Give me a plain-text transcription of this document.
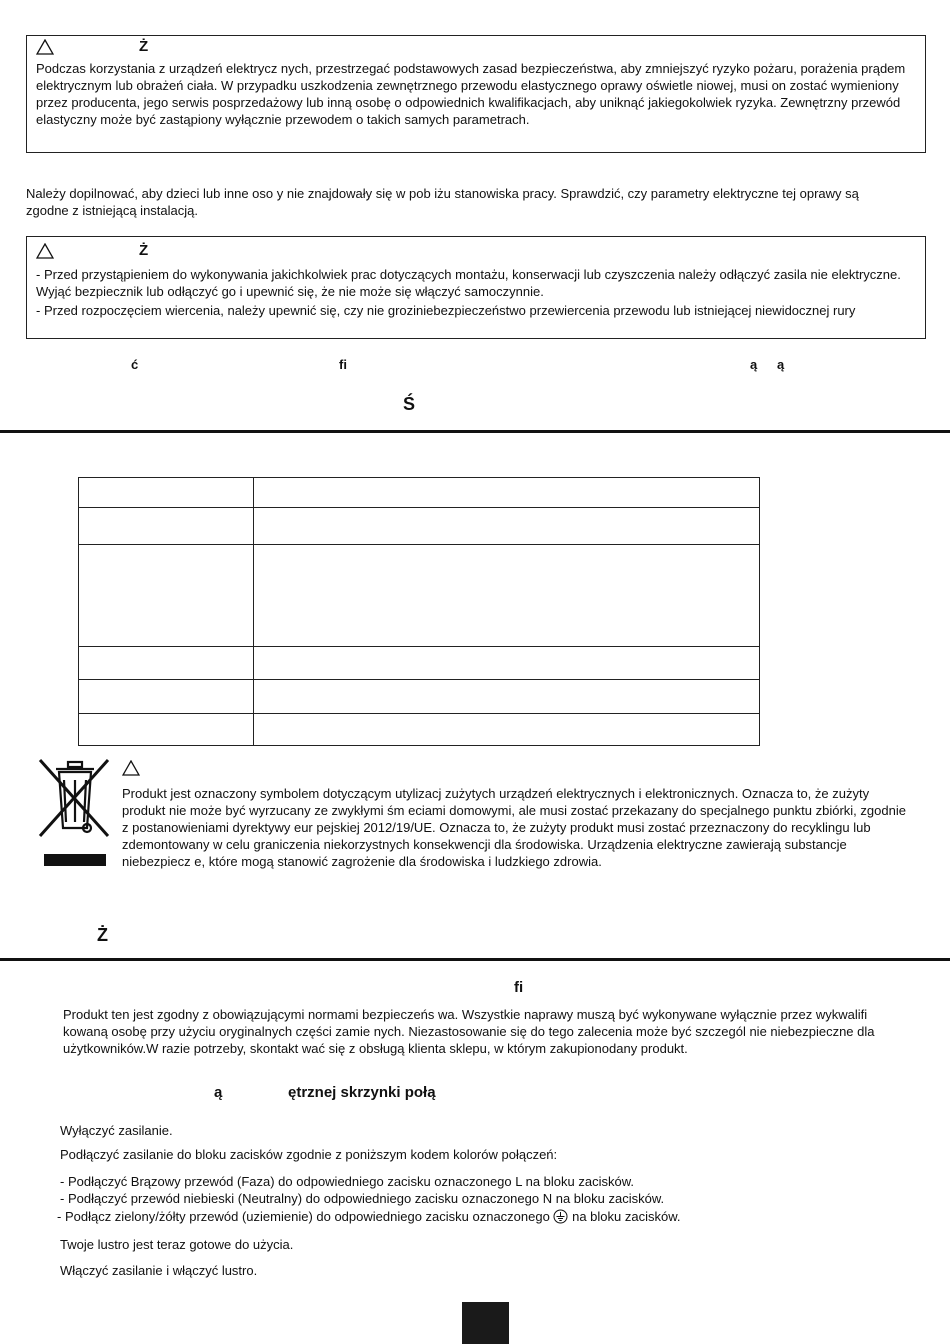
Ż

Podczas korzystania z urządzeń elektrycz nych, przestrzegać podstawowych zasad bezpieczeństwa, aby zmniejszyć ryzyko pożaru, porażenia prądem elektrycznym lub obrażeń ciała. W przypadku uszkodzenia zewnętrznego przewodu elastycznego oprawy oświetle niowej, musi on zostać wymieniony przez producenta, jego serwis posprzedażowy lub inną osobę o odpowiednich kwalifikacjach, aby uniknąć jakiegokolwiek ryzyka. Zewnętrzny przewód elastyczny może być zastąpiony wyłącznie przewodem o takich samych parametrach.

Należy dopilnować, aby dzieci lub inne oso y nie znajdowały się w pob iżu stanowiska pracy. Sprawdzić, czy parametry elektryczne tej oprawy są zgodne z istniejącą instalacją.

Ż

- Przed przystąpieniem do wykonywania jakichkolwiek prac dotyczących montażu, konserwacji lub czyszczenia należy odłączyć zasila nie elektryczne. Wyjąć bezpiecznik lub odłączyć go i upewnić się, że nie może się włączyć samoczynnie.

- Przed rozpoczęciem wiercenia, należy upewnić się, czy nie groziniebezpieczeństwo przewiercenia przewodu lub istniejącej niewidocznej rury

ć	fi	ą ą
Ś

Produkt jest oznaczony symbolem dotyczącym utylizacj zużytych urządzeń elektrycznych i elektronicznych. Oznacza to, że zużyty produkt nie może być wyrzucany ze zwykłymi śm eciami domowymi, ale musi zostać przekazany do specjalnego punktu zbiórki, zgodnie z postanowieniami dyrektywy eur pejskiej 2012/19/UE. Oznacza to, że zużyty produkt musi zostać przeznaczony do recyklingu lub zdemontowany w celu graniczenia niekorzystnych konsekwencji dla środowiska. Urządzenia elektryczne zawierają substancje niebezpiecz e, które mogą stanowić zagrożenie dla środowiska i ludzkiego zdrowia.

Ż
fi

Produkt ten jest zgodny z obowiązującymi normami bezpieczeńs wa. Wszystkie naprawy muszą być wykonywane wyłącznie przez wykwalifi kowaną osobę przy użyciu oryginalnych części zamie nych. Niezastosowanie się do tego zalecenia może być szczegól nie niebezpieczne dla użytkowników.W razie potrzeby, skontakt wać się z obsługą klienta sklepu, w którym zakupionodany produkt.

ą	ętrznej skrzynki połą
Wyłączyć zasilanie.
Podłączyć zasilanie do bloku zacisków zgodnie z poniższym kodem kolorów połączeń:
- Podłączyć Brązowy przewód (Faza) do odpowiedniego zacisku oznaczonego L na bloku zacisków.
- Podłączyć przewód niebieski (Neutralny) do odpowiedniego zacisku oznaczonego N na bloku zacisków.
- Podłącz zielony/żółty przewód (uziemienie) do odpowiedniego zacisku oznaczonego na bloku zacisków.
Twoje lustro jest teraz gotowe do użycia.
Włączyć zasilanie i włączyć lustro.
